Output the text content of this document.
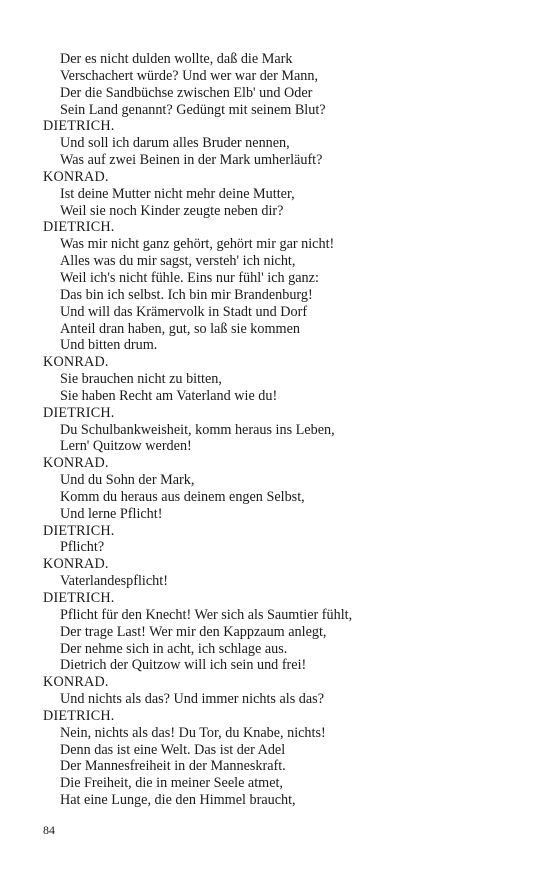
Der es nicht dulden wollte, daß die Mark
Verschachert würde? Und wer war der Mann,
Der die Sandbüchse zwischen Elb' und Oder
Sein Land genannt? Gedüngt mit seinem Blut?
DIETRICH.
Und soll ich darum alles Bruder nennen,
Was auf zwei Beinen in der Mark umherläuft?
KONRAD.
Ist deine Mutter nicht mehr deine Mutter,
Weil sie noch Kinder zeugte neben dir?
DIETRICH.
Was mir nicht ganz gehört, gehört mir gar nicht!
Alles was du mir sagst, versteh' ich nicht,
Weil ich's nicht fühle. Eins nur fühl' ich ganz:
Das bin ich selbst. Ich bin mir Brandenburg!
Und will das Krämervolk in Stadt und Dorf
Anteil dran haben, gut, so laß sie kommen
Und bitten drum.
KONRAD.
Sie brauchen nicht zu bitten,
Sie haben Recht am Vaterland wie du!
DIETRICH.
Du Schulbankweisheit, komm heraus ins Leben,
Lern' Quitzow werden!
KONRAD.
Und du Sohn der Mark,
Komm du heraus aus deinem engen Selbst,
Und lerne Pflicht!
DIETRICH.
Pflicht?
KONRAD.
Vaterlandespflicht!
DIETRICH.
Pflicht für den Knecht! Wer sich als Saumtier fühlt,
Der trage Last! Wer mir den Kappzaum anlegt,
Der nehme sich in acht, ich schlage aus.
Dietrich der Quitzow will ich sein und frei!
KONRAD.
Und nichts als das? Und immer nichts als das?
DIETRICH.
Nein, nichts als das! Du Tor, du Knabe, nichts!
Denn das ist eine Welt. Das ist der Adel
Der Mannesfreiheit in der Manneskraft.
Die Freiheit, die in meiner Seele atmet,
Hat eine Lunge, die den Himmel braucht,
84
